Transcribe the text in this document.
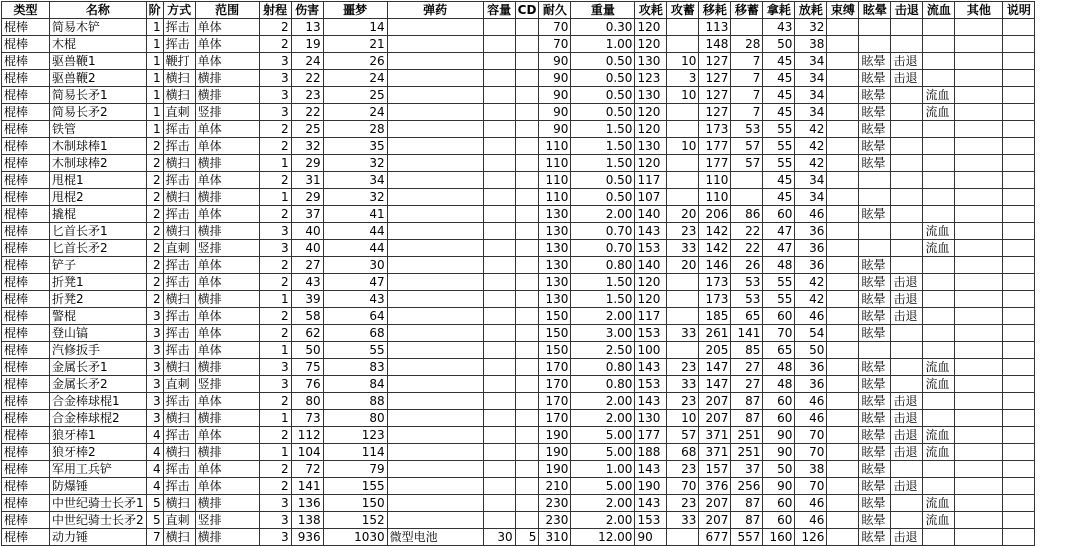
类型	名称	阶	方式	范围	射程	伤害	噩梦	弹药	容量	CD	耐久	重量	攻耗	攻蓄	移耗	移蓄	拿耗	放耗	束缚	眩晕	击退	流血	其他	说明
棍棒	简易木铲	1	挥击	单体	2	13	14				70	0.30	120		113		43	32						
棍棒	木棍	1	挥击	单体	2	19	21				70	1.00	120		148	28	50	38						
棍棒	驱兽鞭1	1	鞭打	单体	3	24	26				90	0.50	130	10	127	7	45	34		眩晕	击退			
棍棒	驱兽鞭2	1	横扫	横排	3	22	24				90	0.50	123	3	127	7	45	34		眩晕	击退			
棍棒	简易长矛1	1	横扫	横排	3	23	25				90	0.50	130	10	127	7	45	34		眩晕		流血		
棍棒	简易长矛2	1	直刺	竖排	3	22	24				90	0.50	120		127	7	45	34		眩晕		流血		
棍棒	铁管	1	挥击	单体	2	25	28				90	1.50	120		173	53	55	42		眩晕				
棍棒	木制球棒1	2	挥击	单体	2	32	35				110	1.50	130	10	177	57	55	42		眩晕				
棍棒	木制球棒2	2	横扫	横排	1	29	32				110	1.50	120		177	57	55	42		眩晕				
棍棒	甩棍1	2	挥击	单体	2	31	34				110	0.50	117		110		45	34						
棍棒	甩棍2	2	横扫	横排	1	29	32				110	0.50	107		110		45	34						
棍棒	撬棍	2	挥击	单体	2	37	41				130	2.00	140	20	206	86	60	46		眩晕				
棍棒	匕首长矛1	2	横扫	横排	3	40	44				130	0.70	143	23	142	22	47	36				流血		
棍棒	匕首长矛2	2	直刺	竖排	3	40	44				130	0.70	153	33	142	22	47	36				流血		
棍棒	铲子	2	挥击	单体	2	27	30				130	0.80	140	20	146	26	48	36		眩晕				
棍棒	折凳1	2	挥击	单体	2	43	47				130	1.50	120		173	53	55	42		眩晕	击退			
棍棒	折凳2	2	横扫	横排	1	39	43				130	1.50	120		173	53	55	42		眩晕	击退			
棍棒	警棍	3	挥击	单体	2	58	64				150	2.00	117		185	65	60	46		眩晕	击退			
棍棒	登山镐	3	挥击	单体	2	62	68				150	3.00	153	33	261	141	70	54		眩晕				
棍棒	汽修扳手	3	挥击	单体	1	50	55				150	2.50	100		205	85	65	50						
棍棒	金属长矛1	3	横扫	横排	3	75	83				170	0.80	143	23	147	27	48	36		眩晕		流血		
棍棒	金属长矛2	3	直刺	竖排	3	76	84				170	0.80	153	33	147	27	48	36		眩晕		流血		
棍棒	合金棒球棍1	3	挥击	单体	2	80	88				170	2.00	143	23	207	87	60	46		眩晕	击退			
棍棒	合金棒球棍2	3	横扫	横排	1	73	80				170	2.00	130	10	207	87	60	46		眩晕	击退			
棍棒	狼牙棒1	4	挥击	单体	2	112	123				190	5.00	177	57	371	251	90	70		眩晕	击退	流血		
棍棒	狼牙棒2	4	横扫	横排	1	104	114				190	5.00	188	68	371	251	90	70		眩晕	击退	流血		
棍棒	军用工兵铲	4	挥击	单体	2	72	79				190	1.00	143	23	157	37	50	38		眩晕				
棍棒	防爆锤	4	挥击	单体	2	141	155				210	5.00	190	70	376	256	90	70		眩晕	击退			
棍棒	中世纪骑士长矛1	5	横扫	横排	3	136	150				230	2.00	143	23	207	87	60	46		眩晕		流血		
棍棒	中世纪骑士长矛2	5	直刺	竖排	3	138	152				230	2.00	153	33	207	87	60	46		眩晕		流血		
棍棒	动力锤	7	横扫	横排	3	936	1030	微型电池	30	5	310	12.00	90		677	557	160	126		眩晕	击退			
